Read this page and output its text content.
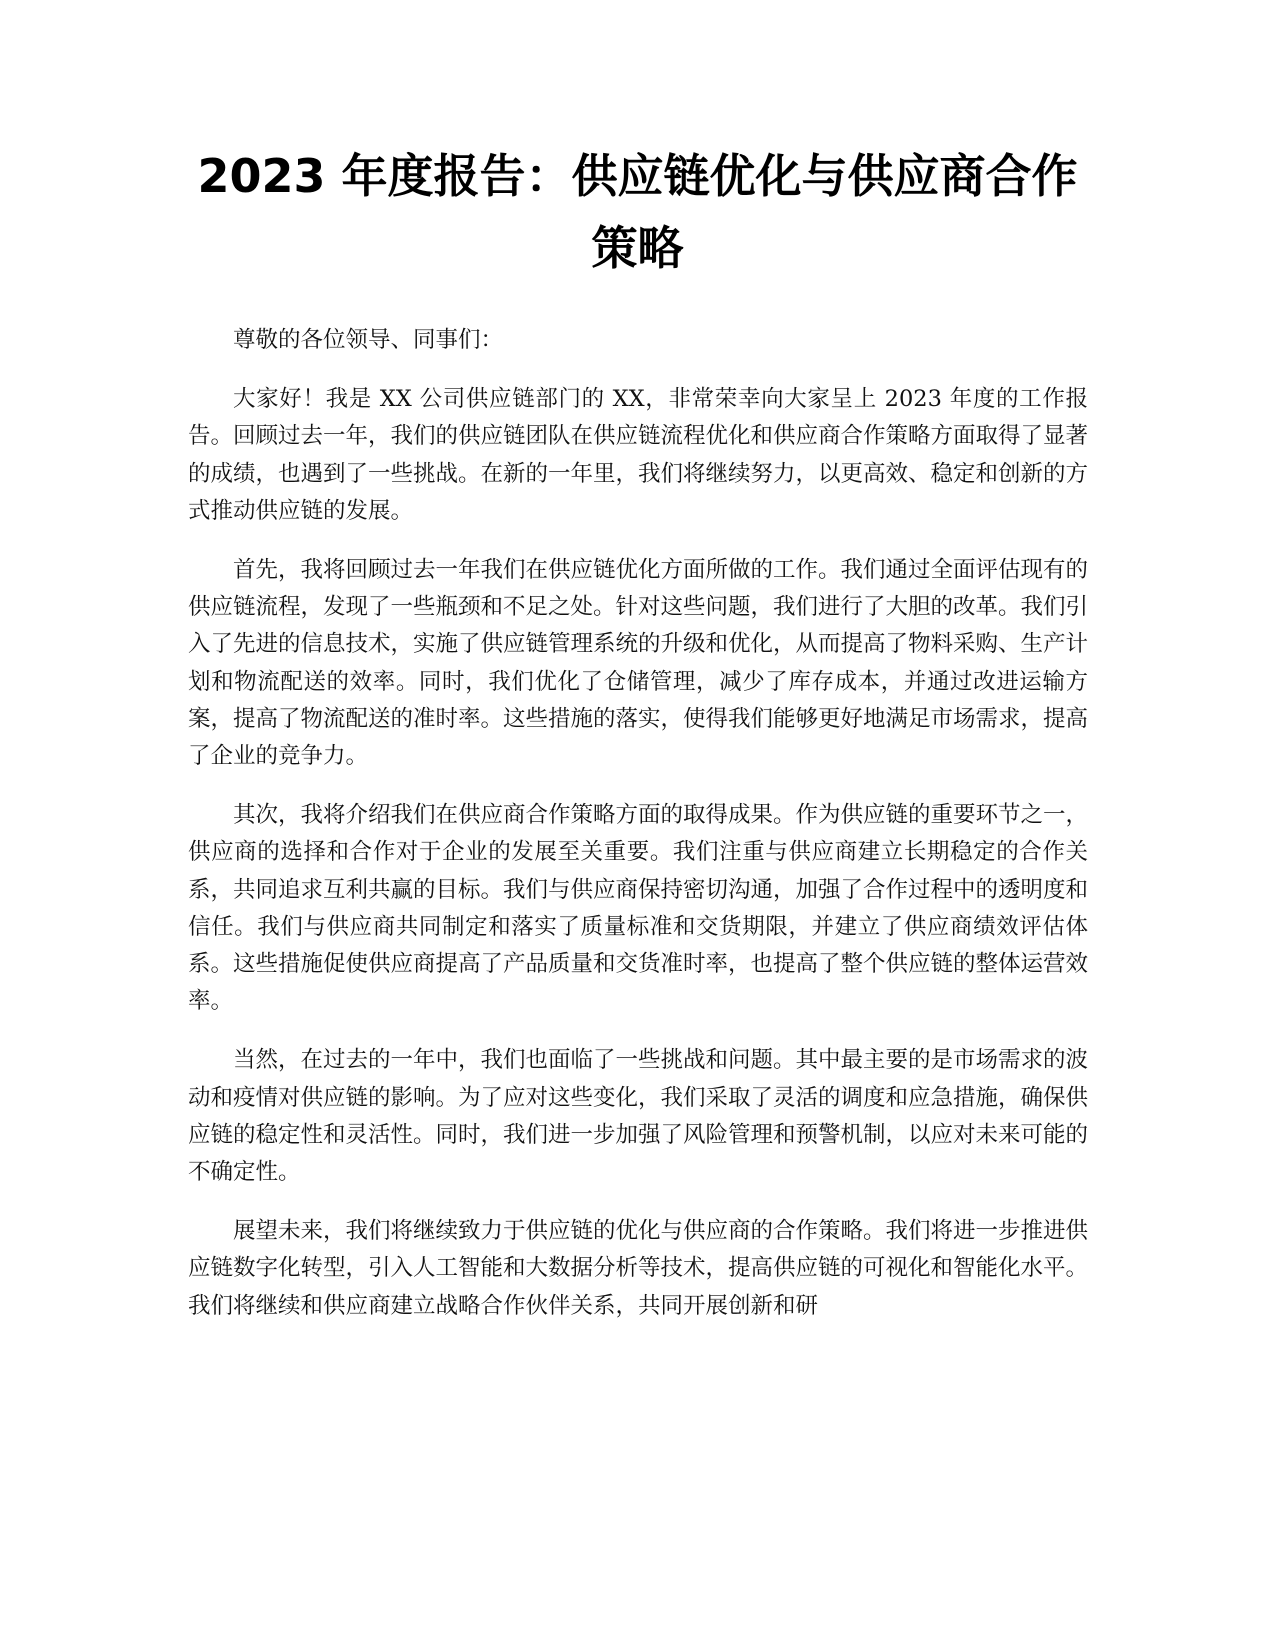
2023 年度报告：供应链优化与供应商合作策略

尊敬的各位领导、同事们：

大家好！我是 XX 公司供应链部门的 XX，非常荣幸向大家呈上 2023 年度的工作报告。回顾过去一年，我们的供应链团队在供应链流程优化和供应商合作策略方面取得了显著的成绩，也遇到了一些挑战。在新的一年里，我们将继续努力，以更高效、稳定和创新的方式推动供应链的发展。

首先，我将回顾过去一年我们在供应链优化方面所做的工作。我们通过全面评估现有的供应链流程，发现了一些瓶颈和不足之处。针对这些问题，我们进行了大胆的改革。我们引入了先进的信息技术，实施了供应链管理系统的升级和优化，从而提高了物料采购、生产计划和物流配送的效率。同时，我们优化了仓储管理，减少了库存成本，并通过改进运输方案，提高了物流配送的准时率。这些措施的落实，使得我们能够更好地满足市场需求，提高了企业的竞争力。

其次，我将介绍我们在供应商合作策略方面的取得成果。作为供应链的重要环节之一，供应商的选择和合作对于企业的发展至关重要。我们注重与供应商建立长期稳定的合作关系，共同追求互利共赢的目标。我们与供应商保持密切沟通，加强了合作过程中的透明度和信任。我们与供应商共同制定和落实了质量标准和交货期限，并建立了供应商绩效评估体系。这些措施促使供应商提高了产品质量和交货准时率，也提高了整个供应链的整体运营效率。

当然，在过去的一年中，我们也面临了一些挑战和问题。其中最主要的是市场需求的波动和疫情对供应链的影响。为了应对这些变化，我们采取了灵活的调度和应急措施，确保供应链的稳定性和灵活性。同时，我们进一步加强了风险管理和预警机制，以应对未来可能的不确定性。

展望未来，我们将继续致力于供应链的优化与供应商的合作策略。我们将进一步推进供应链数字化转型，引入人工智能和大数据分析等技术，提高供应链的可视化和智能化水平。我们将继续和供应商建立战略合作伙伴关系，共同开展创新和研
